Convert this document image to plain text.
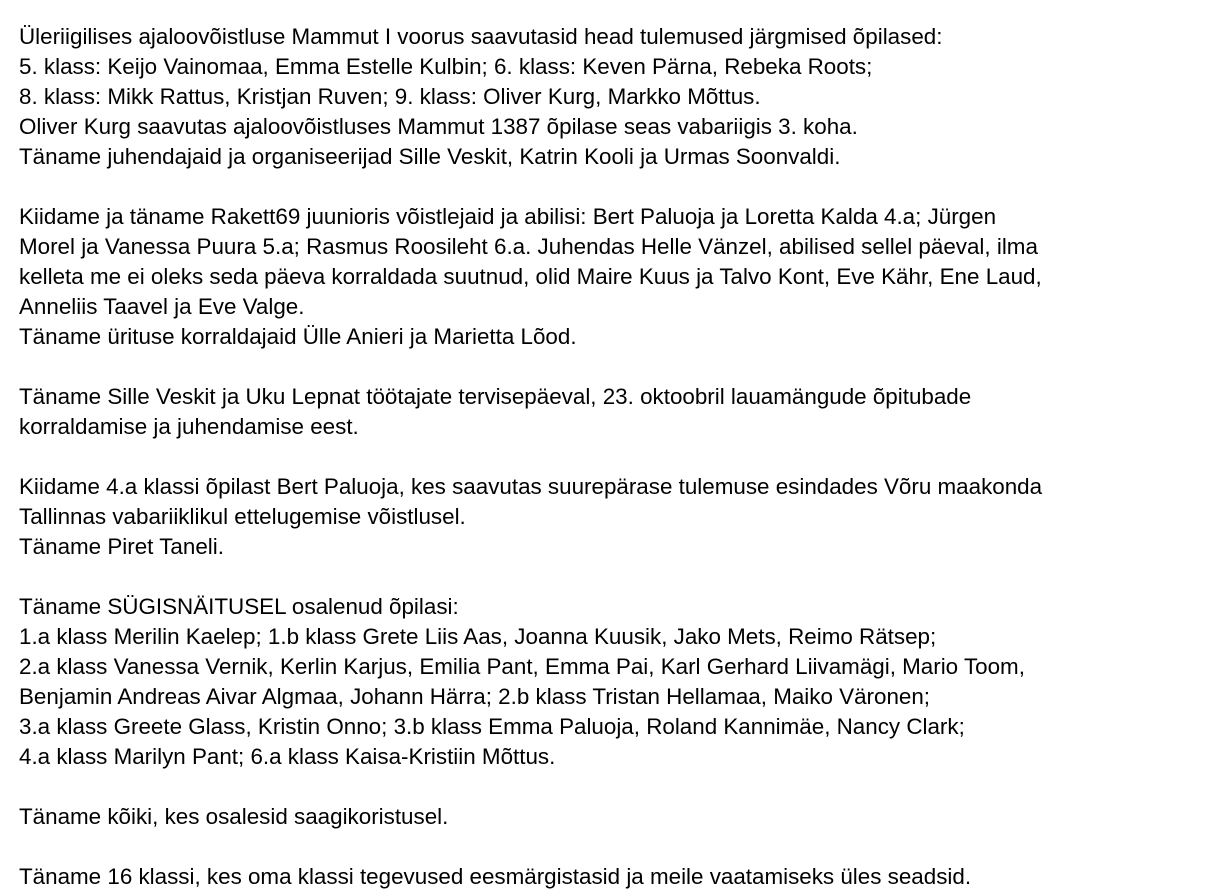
Üleriigilises ajaloovõistluse Mammut I voorus saavutasid head tulemused järgmised õpilased:
5. klass: Keijo Vainomaa, Emma Estelle Kulbin; 6. klass: Keven Pärna, Rebeka Roots;
8. klass: Mikk Rattus, Kristjan Ruven; 9. klass: Oliver Kurg, Markko Mõttus.
Oliver Kurg saavutas ajaloovõistluses Mammut 1387 õpilase seas vabariigis 3. koha.
Täname juhendajaid ja organiseerijad Sille Veskit, Katrin Kooli ja Urmas Soonvaldi.

Kiidame ja täname Rakett69 juunioris võistlejaid ja abilisi: Bert Paluoja ja Loretta Kalda 4.a; Jürgen
Morel ja Vanessa Puura 5.a; Rasmus Roosileht 6.a. Juhendas Helle Vänzel, abilised sellel päeval, ilma
kelleta me ei oleks seda päeva korraldada suutnud, olid Maire Kuus ja Talvo Kont, Eve Kähr, Ene Laud,
Anneliis Taavel ja Eve Valge.
Täname ürituse korraldajaid Ülle Anieri ja Marietta Lõod.

Täname Sille Veskit ja Uku Lepnat töötajate tervisepäeval, 23. oktoobril lauamängude õpitubade
korraldamise ja juhendamise eest.

Kiidame 4.a klassi õpilast Bert Paluoja, kes saavutas suurepärase tulemuse esindades Võru maakonda
Tallinnas vabariiklikul ettelugemise võistlusel.
Täname Piret Taneli.

Täname SÜGISNÄITUSEL osalenud õpilasi:
1.a klass Merilin Kaelep; 1.b klass Grete Liis Aas, Joanna Kuusik, Jako Mets, Reimo Rätsep;
2.a klass Vanessa Vernik, Kerlin Karjus, Emilia Pant, Emma Pai, Karl Gerhard Liivamägi, Mario Toom,
Benjamin Andreas Aivar Algmaa, Johann Härra; 2.b klass Tristan Hellamaa, Maiko Väronen;
3.a klass Greete Glass, Kristin Onno; 3.b klass Emma Paluoja, Roland Kannimäe, Nancy Clark;
4.a klass Marilyn Pant; 6.a klass Kaisa-Kristiin Mõttus.

Täname kõiki, kes osalesid saagikoristusel.

Täname 16 klassi, kes oma klassi tegevused eesmärgistasid ja meile vaatamiseks üles seadsid.
